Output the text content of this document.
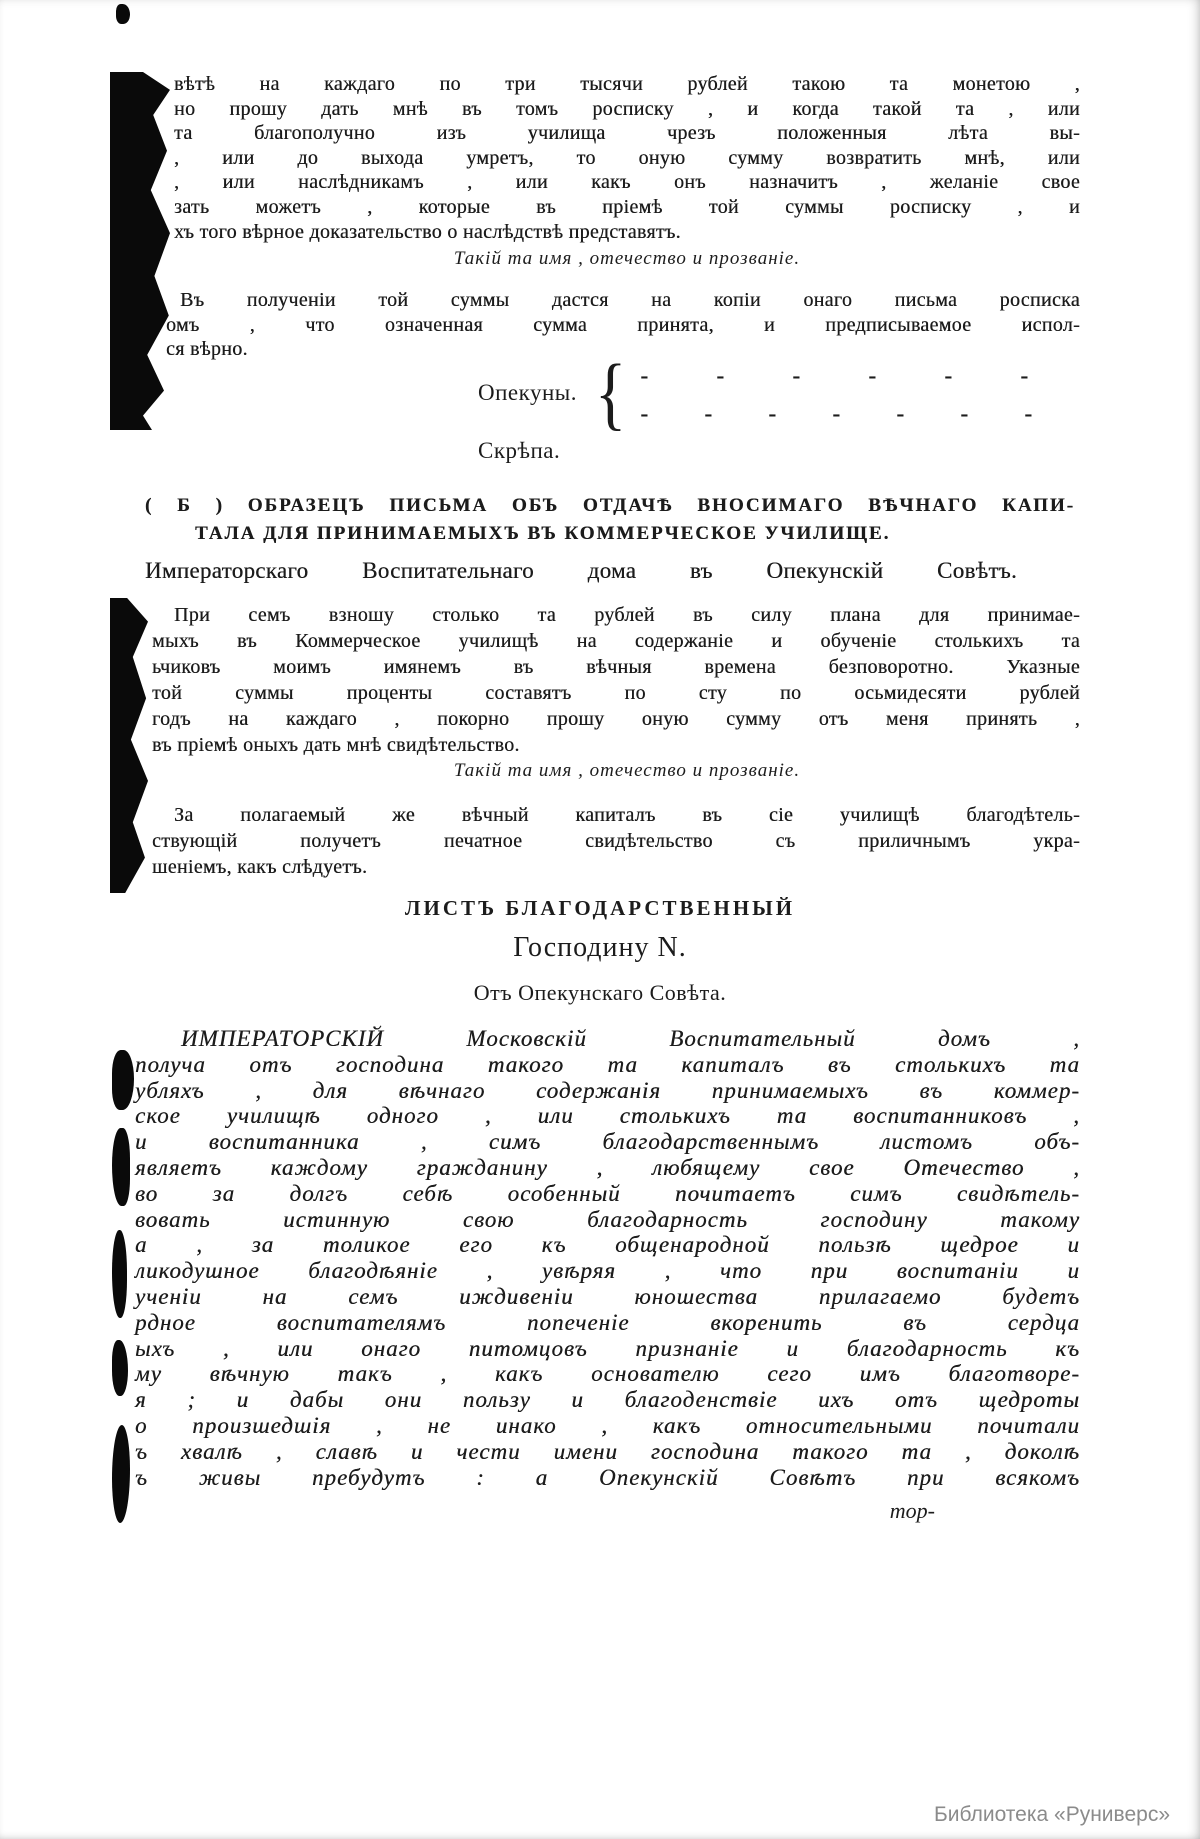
вѣтѣ на каждаго по три тысячи рублей такою та монетою ,
но прошу дать мнѣ въ томъ росписку , и когда такой та , или
та благополучно изъ училища чрезъ положенныя лѣта вы-
, или до выхода умретъ, то оную сумму возвратить мнѣ, или
, или наслѣдникамъ , или какъ онъ назначитъ , желаніе свое
зать можетъ , которые въ пріемѣ той суммы росписку , и
хъ того вѣрное доказательство о наслѣдствѣ представятъ.
Такій та имя , отечество и прозваніе.
Въ полученіи той суммы дастся на копіи онаго письма росписка
омъ , что означенная сумма принята, и предписываемое испол-
ся вѣрно.
Опекуны. { - - - - - -
- - - - - - -
Скрѣпа.
( Б ) ОБРАЗЕЦЪ ПИСЬМА ОБЪ ОТДАЧѢ ВНОСИМАГО ВѢЧНАГО КАПИ-
ТАЛА ДЛЯ ПРИНИМАЕМЫХЪ ВЪ КОММЕРЧЕСКОЕ УЧИЛИЩЕ.
Императорскаго Воспитательнаго дома въ Опекунскій Совѣтъ.
При семъ взношу столько та рублей въ силу плана для принимае-
мыхъ въ Коммерческое училищѣ на содержаніе и обученіе столькихъ та
ьчиковъ моимъ имянемъ въ вѣчныя времена безповоротно. Указные
той суммы проценты составятъ по сту по осьмидесяти рублей
годъ на каждаго , покорно прошу оную сумму отъ меня принять ,
въ пріемѣ оныхъ дать мнѣ свидѣтельство.
Такій та имя , отечество и прозваніе.
За полагаемый же вѣчный капиталъ въ сіе училищѣ благодѣтель-
ствующій получетъ печатное свидѣтельство съ приличнымъ укра-
шеніемъ, какъ слѣдуетъ.
ЛИСТЪ БЛАГОДАРСТВЕННЫЙ
Господину N.
Отъ Опекунскаго Совѣта.
ИМПЕРАТОРСКІЙ Московскій Воспитательный домъ ,
получа отъ господина такого та капиталъ въ столькихъ та
убляхъ , для вѣчнаго содержанія принимаемыхъ въ коммер-
ское училищѣ одного , или столькихъ та воспитанниковъ ,
и воспитанника , симъ благодарственнымъ листомъ объ-
являетъ каждому гражданину , любящему свое Отечество ,
во за долгъ себѣ особенный почитаетъ симъ свидѣтель-
вовать истинную свою благодарность господину такому
а , за толикое его къ общенародной пользѣ щедрое и
ликодушное благодѣяніе , увѣряя , что при воспитаніи и
ученіи на семъ иждивеніи юношества прилагаемо будетъ
рдное воспитателямъ попеченіе вкоренить въ сердца
ыхъ , или онаго питомцовъ признаніе и благодарность къ
му вѣчную такъ , какъ основателю сего имъ благотворе-
я ; и дабы они пользу и благоденствіе ихъ отъ щедроты
о произшедшія , не инако , какъ относительными почитали
ъ хвалѣ , славѣ и чести имени господина такого та , доколѣ
ъ живы пребудутъ : а Опекунскій Совѣтъ при всякомъ
тор-
Библиотека «Руниверс»
